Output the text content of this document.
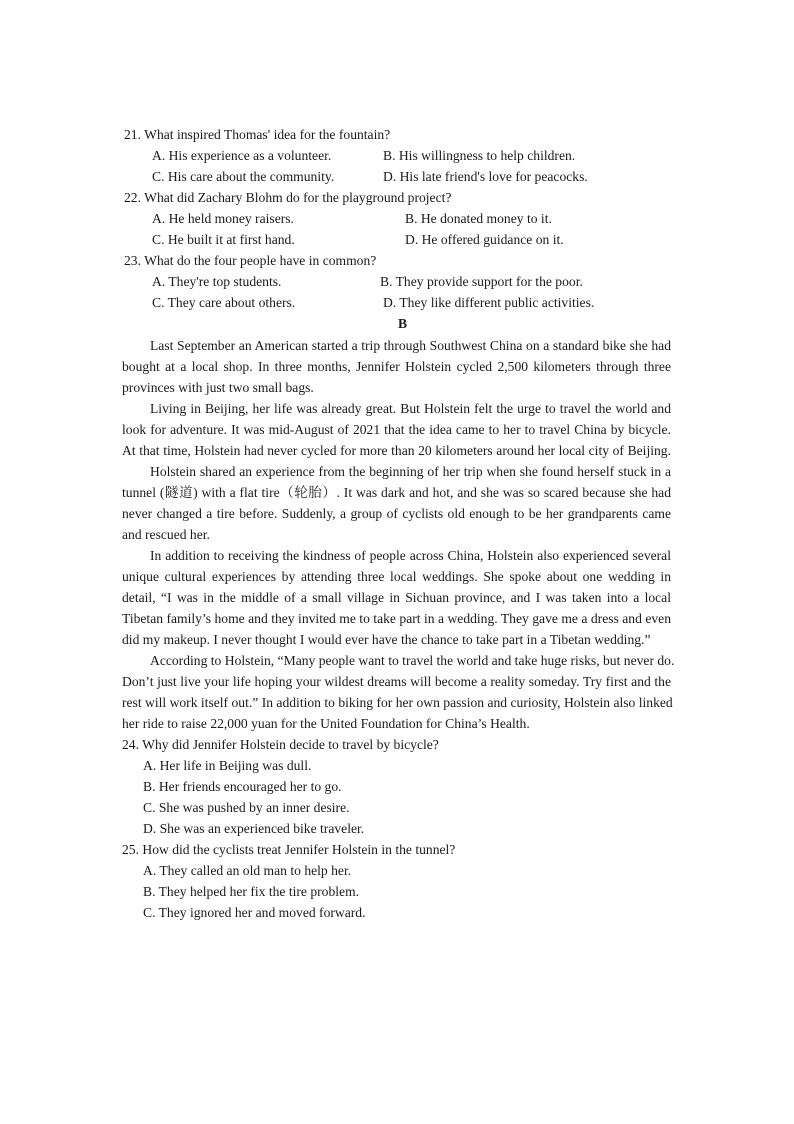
21. What inspired Thomas' idea for the fountain?
A. His experience as a volunteer.	B. His willingness to help children.
C. His care about the community.	D. His late friend's love for peacocks.
22. What did Zachary Blohm do for the playground project?
A. He held money raisers.	B. He donated money to it.
C. He built it at first hand.	D. He offered guidance on it.
23. What do the four people have in common?
A. They're top students.	B. They provide support for the poor.
C. They care about others.	D. They like different public activities.
B
Last September an American started a trip through Southwest China on a standard bike she had
bought at a local shop. In three months, Jennifer Holstein cycled 2,500 kilometers through three
provinces with just two small bags.
Living in Beijing, her life was already great. But Holstein felt the urge to travel the world and
look for adventure. It was mid-August of 2021 that the idea came to her to travel China by bicycle.
At that time, Holstein had never cycled for more than 20 kilometers around her local city of Beijing.
Holstein shared an experience from the beginning of her trip when she found herself stuck in a
tunnel (隧道) with a flat tire（轮胎）. It was dark and hot, and she was so scared because she had
never changed a tire before. Suddenly, a group of cyclists old enough to be her grandparents came
and rescued her.
In addition to receiving the kindness of people across China, Holstein also experienced several
unique cultural experiences by attending three local weddings. She spoke about one wedding in
detail, “I was in the middle of a small village in Sichuan province, and I was taken into a local
Tibetan family’s home and they invited me to take part in a wedding. They gave me a dress and even
did my makeup. I never thought I would ever have the chance to take part in a Tibetan wedding.”
According to Holstein, “Many people want to travel the world and take huge risks, but never do.
Don’t just live your life hoping your wildest dreams will become a reality someday. Try first and the
rest will work itself out.” In addition to biking for her own passion and curiosity, Holstein also linked
her ride to raise 22,000 yuan for the United Foundation for China’s Health.
24. Why did Jennifer Holstein decide to travel by bicycle?
A. Her life in Beijing was dull.
B. Her friends encouraged her to go.
C. She was pushed by an inner desire.
D. She was an experienced bike traveler.
25. How did the cyclists treat Jennifer Holstein in the tunnel?
A. They called an old man to help her.
B. They helped her fix the tire problem.
C. They ignored her and moved forward.
